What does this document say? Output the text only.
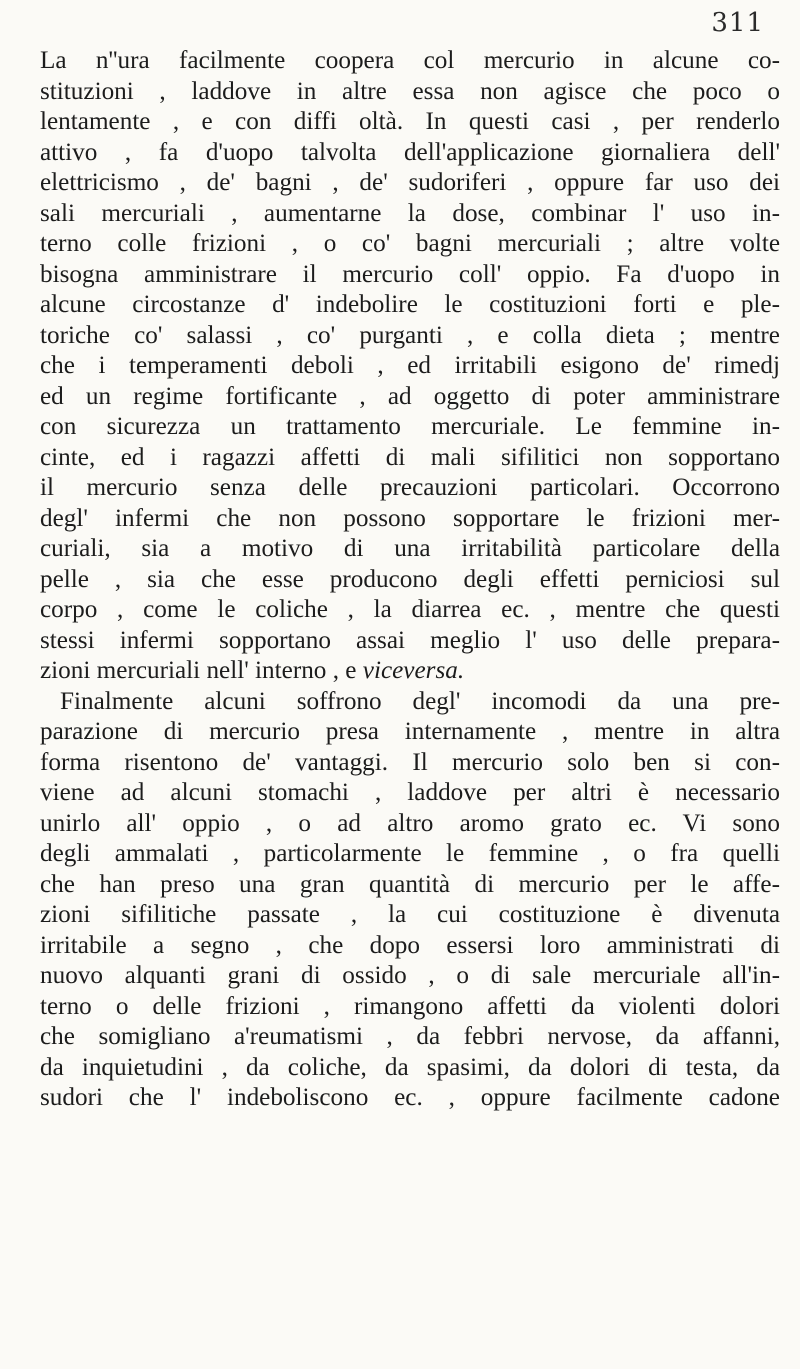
311
La n''ura facilmente coopera col mercurio in alcune co-
stituzioni , laddove in altre essa non agisce che poco o
lentamente , e con diffi oltà. In questi casi , per renderlo
attivo , fa d'uopo talvolta dell'applicazione giornaliera dell'
elettricismo , de' bagni , de' sudoriferi , oppure far uso dei
sali mercuriali , aumentarne la dose, combinar l' uso in-
terno colle frizioni , o co' bagni mercuriali ; altre volte
bisogna amministrare il mercurio coll' oppio. Fa d'uopo in
alcune circostanze d' indebolire le costituzioni forti e ple-
toriche co' salassi , co' purganti , e colla dieta ; mentre
che i temperamenti deboli , ed irritabili esigono de' rimedj
ed un regime fortificante , ad oggetto di poter amministrare
con sicurezza un trattamento mercuriale. Le femmine in-
cinte, ed i ragazzi affetti di mali sifilitici non sopportano
il mercurio senza delle precauzioni particolari. Occorrono
degl' infermi che non possono sopportare le frizioni mer-
curiali, sia a motivo di una irritabilità particolare della
pelle , sia che esse producono degli effetti perniciosi sul
corpo , come le coliche , la diarrea ec. , mentre che questi
stessi infermi sopportano assai meglio l' uso delle prepara-
zioni mercuriali nell' interno , e viceversa.
Finalmente alcuni soffrono degl' incomodi da una pre-
parazione di mercurio presa internamente , mentre in altra
forma risentono de' vantaggi. Il mercurio solo ben si con-
viene ad alcuni stomachi , laddove per altri è necessario
unirlo all' oppio , o ad altro aromo grato ec. Vi sono
degli ammalati , particolarmente le femmine , o fra quelli
che han preso una gran quantità di mercurio per le affe-
zioni sifilitiche passate , la cui costituzione è divenuta
irritabile a segno , che dopo essersi loro amministrati di
nuovo alquanti grani di ossido , o di sale mercuriale all'in-
terno o delle frizioni , rimangono affetti da violenti dolori
che somigliano a'reumatismi , da febbri nervose, da affanni,
da inquietudini , da coliche, da spasimi, da dolori di testa, da
sudori che l' indeboliscono ec. , oppure facilmente cadone
